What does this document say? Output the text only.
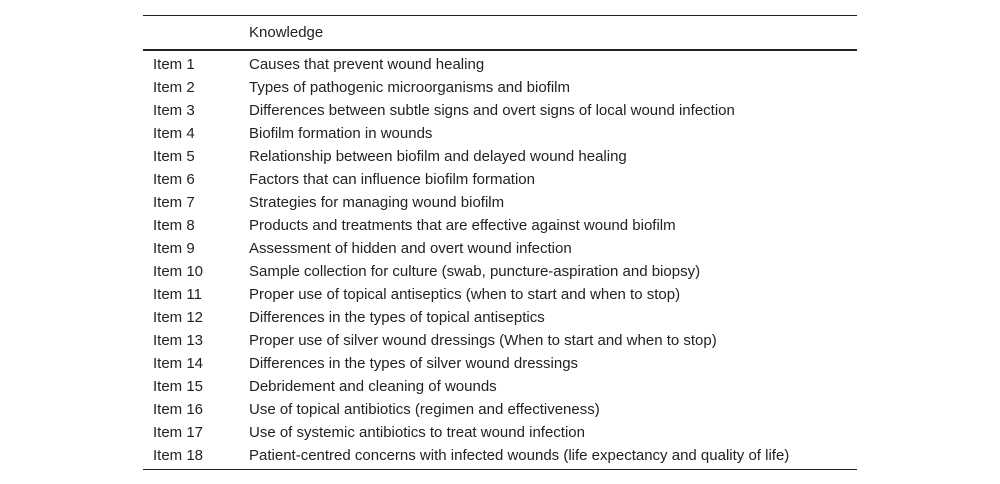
	Knowledge
Item 1	Causes that prevent wound healing
Item 2	Types of pathogenic microorganisms and biofilm
Item 3	Differences between subtle signs and overt signs of local wound infection
Item 4	Biofilm formation in wounds
Item 5	Relationship between biofilm and delayed wound healing
Item 6	Factors that can influence biofilm formation
Item 7	Strategies for managing wound biofilm
Item 8	Products and treatments that are effective against wound biofilm
Item 9	Assessment of hidden and overt wound infection
Item 10	Sample collection for culture (swab, puncture-aspiration and biopsy)
Item 11	Proper use of topical antiseptics (when to start and when to stop)
Item 12	Differences in the types of topical antiseptics
Item 13	Proper use of silver wound dressings (When to start and when to stop)
Item 14	Differences in the types of silver wound dressings
Item 15	Debridement and cleaning of wounds
Item 16	Use of topical antibiotics (regimen and effectiveness)
Item 17	Use of systemic antibiotics to treat wound infection
Item 18	Patient-centred concerns with infected wounds (life expectancy and quality of life)
